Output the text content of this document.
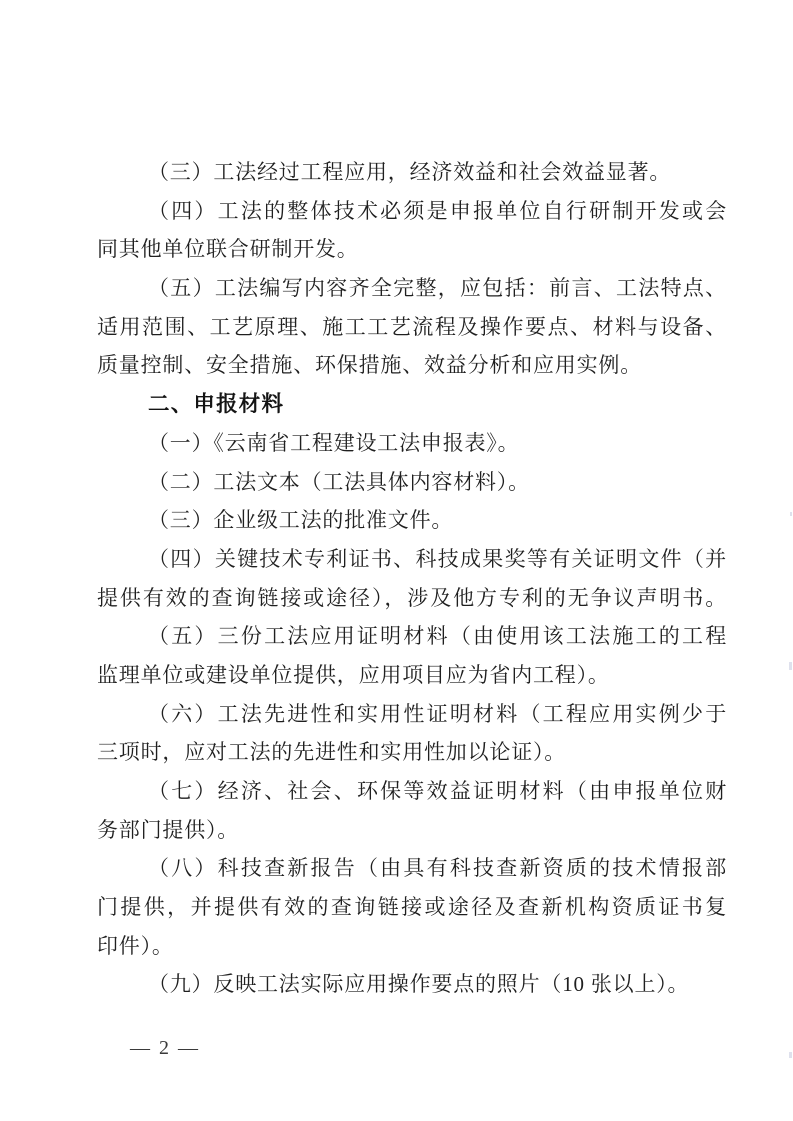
（三）工法经过工程应用，经济效益和社会效益显著。
（四）工法的整体技术必须是申报单位自行研制开发或会
同其他单位联合研制开发。
（五）工法编写内容齐全完整，应包括：前言、工法特点、
适用范围、工艺原理、施工工艺流程及操作要点、材料与设备、
质量控制、安全措施、环保措施、效益分析和应用实例。
二、申报材料
（一）《云南省工程建设工法申报表》。
（二）工法文本（工法具体内容材料）。
（三）企业级工法的批准文件。
（四）关键技术专利证书、科技成果奖等有关证明文件（并
提供有效的查询链接或途径），涉及他方专利的无争议声明书。
（五）三份工法应用证明材料（由使用该工法施工的工程
监理单位或建设单位提供，应用项目应为省内工程）。
（六）工法先进性和实用性证明材料（工程应用实例少于
三项时，应对工法的先进性和实用性加以论证）。
（七）经济、社会、环保等效益证明材料（由申报单位财
务部门提供）。
（八）科技查新报告（由具有科技查新资质的技术情报部
门提供，并提供有效的查询链接或途径及查新机构资质证书复
印件）。
（九）反映工法实际应用操作要点的照片（10 张以上）。
— 2 —
